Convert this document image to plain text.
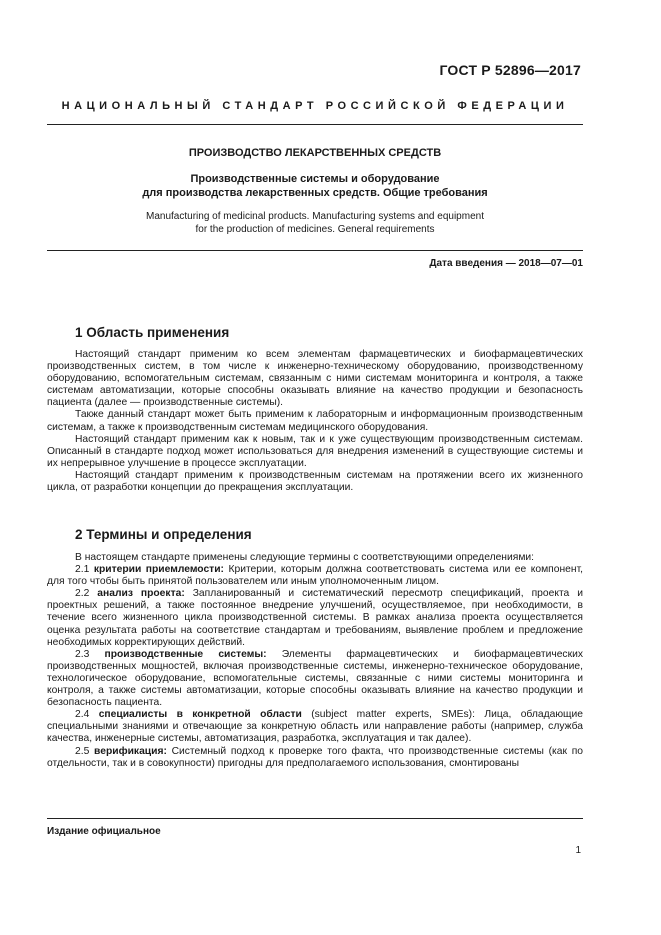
ГОСТ Р 52896—2017
НАЦИОНАЛЬНЫЙ СТАНДАРТ РОССИЙСКОЙ ФЕДЕРАЦИИ
ПРОИЗВОДСТВО ЛЕКАРСТВЕННЫХ СРЕДСТВ
Производственные системы и оборудование
для производства лекарственных средств. Общие требования
Manufacturing of medicinal products. Manufacturing systems and equipment
for the production of medicines. General requirements
Дата введения — 2018—07—01
1 Область применения

Настоящий стандарт применим ко всем элементам фармацевтических и биофармацевтических производственных систем, в том числе к инженерно-техническому оборудованию, производственному оборудованию, вспомогательным системам, связанным с ними системам мониторинга и контроля, а также системам автоматизации, которые способны оказывать влияние на качество продукции и безопасность пациента (далее — производственные системы).

Также данный стандарт может быть применим к лабораторным и информационным производственным системам, а также к производственным системам медицинского оборудования.

Настоящий стандарт применим как к новым, так и к уже существующим производственным системам. Описанный в стандарте подход может использоваться для внедрения изменений в существующие системы и их непрерывное улучшение в процессе эксплуатации.

Настоящий стандарт применим к производственным системам на протяжении всего их жизненного цикла, от разработки концепции до прекращения эксплуатации.

2 Термины и определения

В настоящем стандарте применены следующие термины с соответствующими определениями:

2.1 критерии приемлемости: Критерии, которым должна соответствовать система или ее компонент, для того чтобы быть принятой пользователем или иным уполномоченным лицом.

2.2 анализ проекта: Запланированный и систематический пересмотр спецификаций, проекта и проектных решений, а также постоянное внедрение улучшений, осуществляемое, при необходимости, в течение всего жизненного цикла производственной системы. В рамках анализа проекта осуществляется оценка результата работы на соответствие стандартам и требованиям, выявление проблем и предложение необходимых корректирующих действий.

2.3 производственные системы: Элементы фармацевтических и биофармацевтических производственных мощностей, включая производственные системы, инженерно-техническое оборудование, технологическое оборудование, вспомогательные системы, связанные с ними системы мониторинга и контроля, а также системы автоматизации, которые способны оказывать влияние на качество продукции и безопасность пациента.

2.4 специалисты в конкретной области (subject matter experts, SMEs): Лица, обладающие специальными знаниями и отвечающие за конкретную область или направление работы (например, служба качества, инженерные системы, автоматизация, разработка, эксплуатация и так далее).

2.5 верификация: Системный подход к проверке того факта, что производственные системы (как по отдельности, так и в совокупности) пригодны для предполагаемого использования, смонтированы

Издание официальное
1
